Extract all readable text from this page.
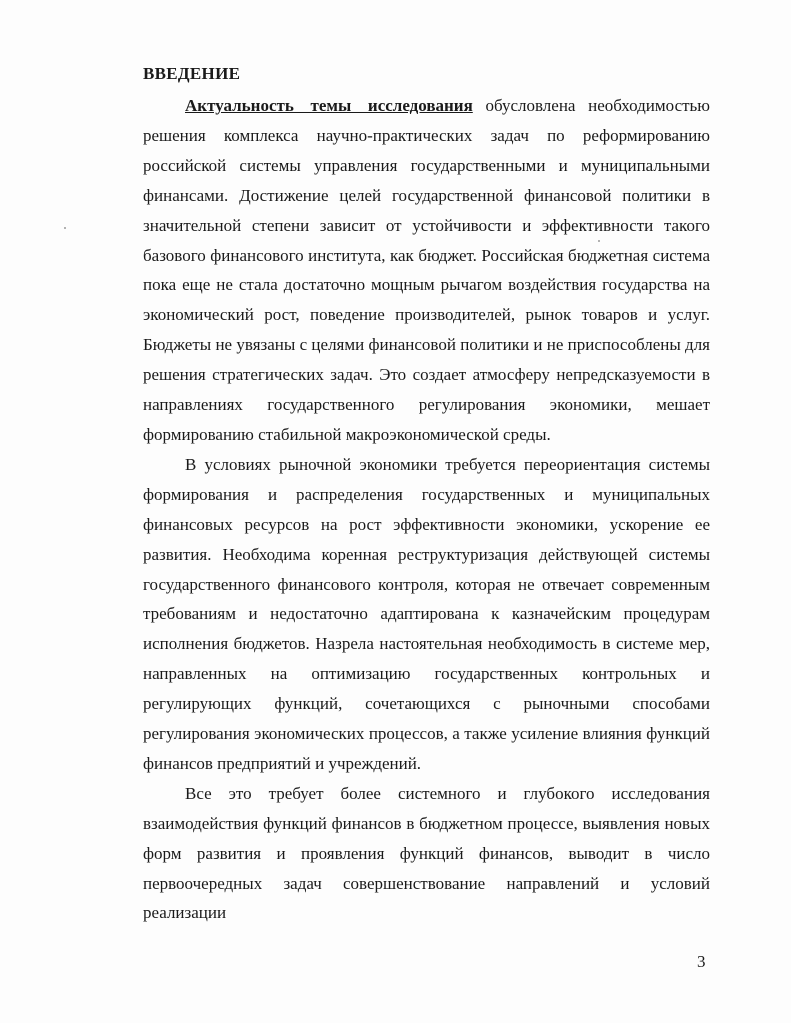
ВВЕДЕНИЕ

Актуальность темы исследования обусловлена необходимостью решения комплекса научно-практических задач по реформированию российской системы управления государственными и муниципальными финансами. Достижение целей государственной финансовой политики в значительной степени зависит от устойчивости и эффективности такого базового финансового института, как бюджет. Российская бюджетная система пока еще не стала достаточно мощным рычагом воздействия государства на экономический рост, поведение производителей, рынок товаров и услуг. Бюджеты не увязаны с целями финансовой политики и не приспособлены для решения стратегических задач. Это создает атмосферу непредсказуемости в направлениях государственного регулирования экономики, мешает формированию стабильной макроэкономической среды.

В условиях рыночной экономики требуется переориентация системы формирования и распределения государственных и муниципальных финансовых ресурсов на рост эффективности экономики, ускорение ее развития. Необходима коренная реструктуризация действующей системы государственного финансового контроля, которая не отвечает современным требованиям и недостаточно адаптирована к казначейским процедурам исполнения бюджетов. Назрела настоятельная необходимость в системе мер, направленных на оптимизацию государственных контрольных и регулирующих функций, сочетающихся с рыночными способами регулирования экономических процессов, а также усиление влияния функций финансов предприятий и учреждений.

Все это требует более системного и глубокого исследования взаимодействия функций финансов в бюджетном процессе, выявления новых форм развития и проявления функций финансов, выводит в число первоочередных задач совершенствование направлений и условий реализации

3
